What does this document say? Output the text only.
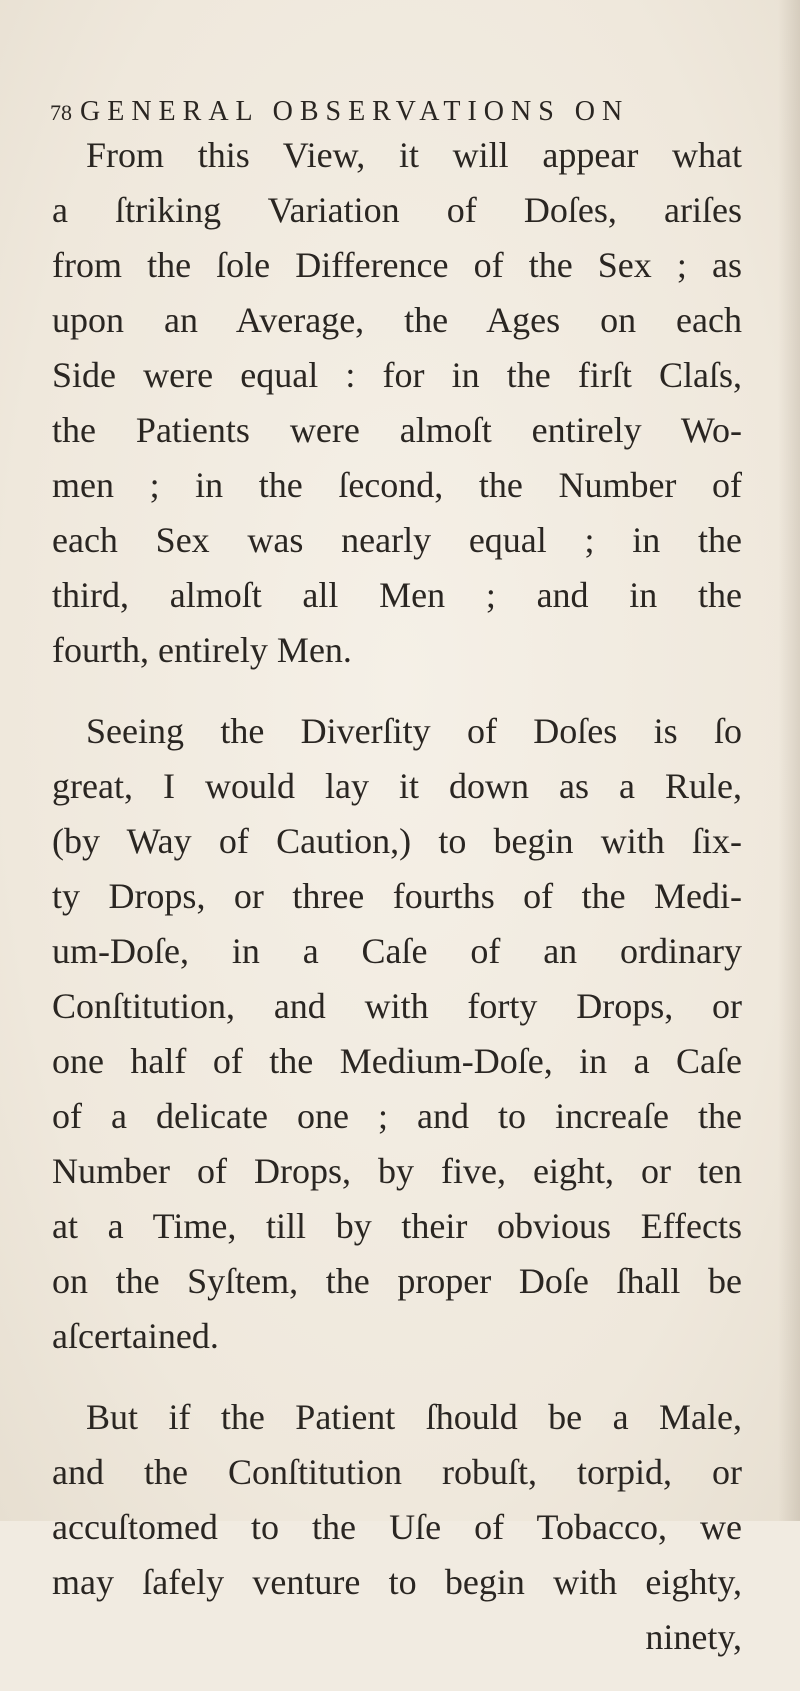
78 GENERAL OBSERVATIONS ON
From this View, it will appear what
a ſtriking Variation of Doſes, ariſes
from the ſole Difference of the Sex ; as
upon an Average, the Ages on each
Side were equal : for in the firſt Claſs,
the Patients were almoſt entirely Wo-
men ; in the ſecond, the Number of
each Sex was nearly equal ; in the
third, almoſt all Men ; and in the
fourth, entirely Men.
Seeing the Diverſity of Doſes is ſo
great, I would lay it down as a Rule,
(by Way of Caution,) to begin with ſix-
ty Drops, or three fourths of the Medi-
um-Doſe, in a Caſe of an ordinary
Conſtitution, and with forty Drops, or
one half of the Medium-Doſe, in a Caſe
of a delicate one ; and to increaſe the
Number of Drops, by five, eight, or ten
at a Time, till by their obvious Effects
on the Syſtem, the proper Doſe ſhall be
aſcertained.
But if the Patient ſhould be a Male,
and the Conſtitution robuſt, torpid, or
accuſtomed to the Uſe of Tobacco, we
may ſafely venture to begin with eighty,
ninety,
